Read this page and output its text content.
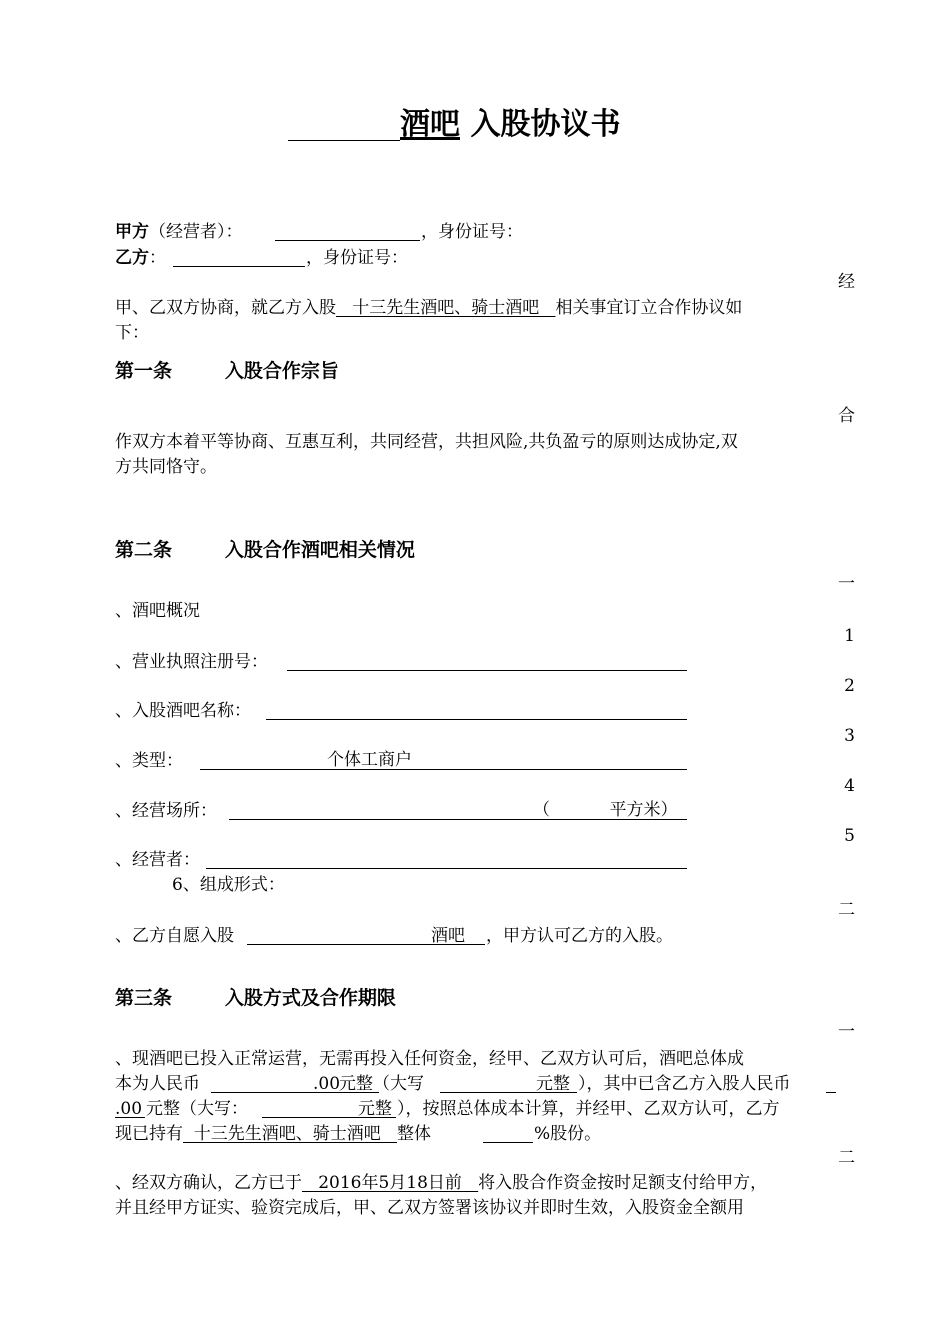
酒吧 入股协议书
甲方（经营者）：	，身份证号：
乙方：	，身份证号：
经
甲、乙双方协商，就乙方入股   十三先生酒吧、骑士酒吧   相关事宜订立合作协议如
下：
第一条        入股合作宗旨
合
作双方本着平等协商、互惠互利，共同经营，共担风险,共负盈亏的原则达成协定,双
方共同恪守。
第二条        入股合作酒吧相关情况
一
、酒吧概况
1
、营业执照注册号：
2
、入股酒吧名称：
3
、类型：	个体工商户
4
、经营场所：	（           平方米）
5
、经营者：
6、组成形式：
二
、乙方自愿入股	酒吧 ，甲方认可乙方的入股。
第三条        入股方式及合作期限
一
、现酒吧已投入正常运营，无需再投入任何资金，经甲、乙双方认可后，酒吧总体成
本为人民币	.00
元整（大写	元整 ），其中已含乙方入股人民币
.00 元整（大写：	元整 ），按照总体成本计算，并经甲、乙双方认可，乙方
现已持有  十三先生酒吧、骑士酒吧   整体	%股份。
二
、经双方确认，乙方已于   2016年5月18日前   将入股合作资金按时足额支付给甲方，
并且经甲方证实、验资完成后，甲、乙双方签署该协议并即时生效，入股资金全额用
